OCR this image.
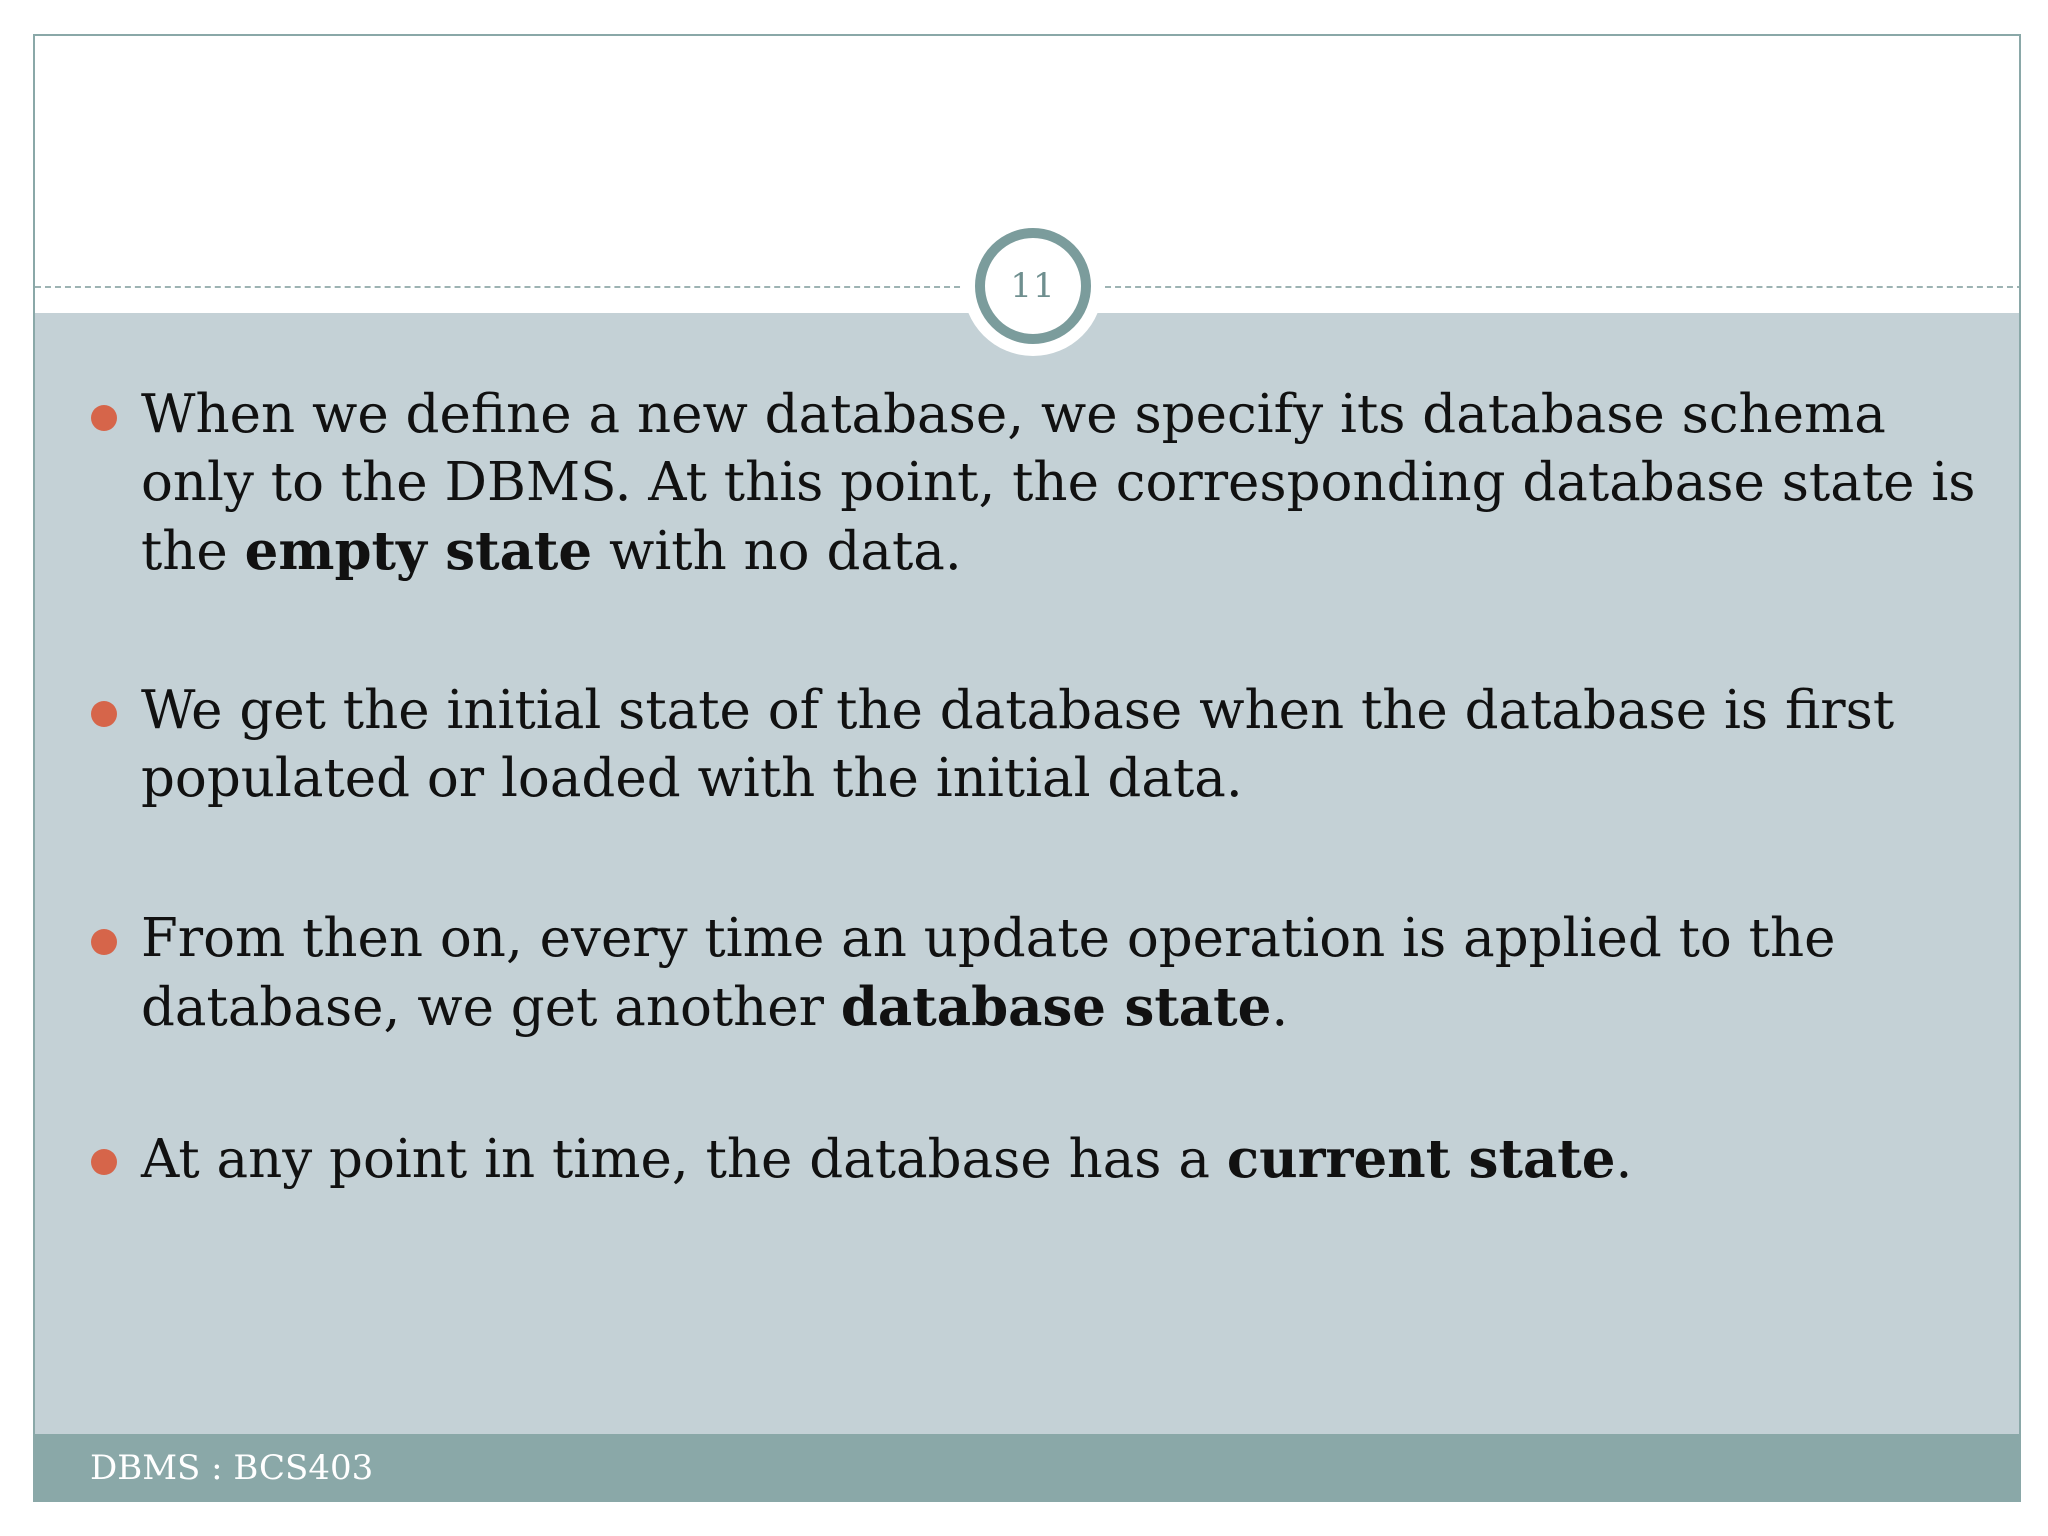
11
When we define a new database, we specify its database schema only to the DBMS. At this point, the corresponding database state is the empty state with no data.
We get the initial state of the database when the database is first populated or loaded with the initial data.
From then on, every time an update operation is applied to the database, we get another database state.
At any point in time, the database has a current state.
DBMS : BCS403
